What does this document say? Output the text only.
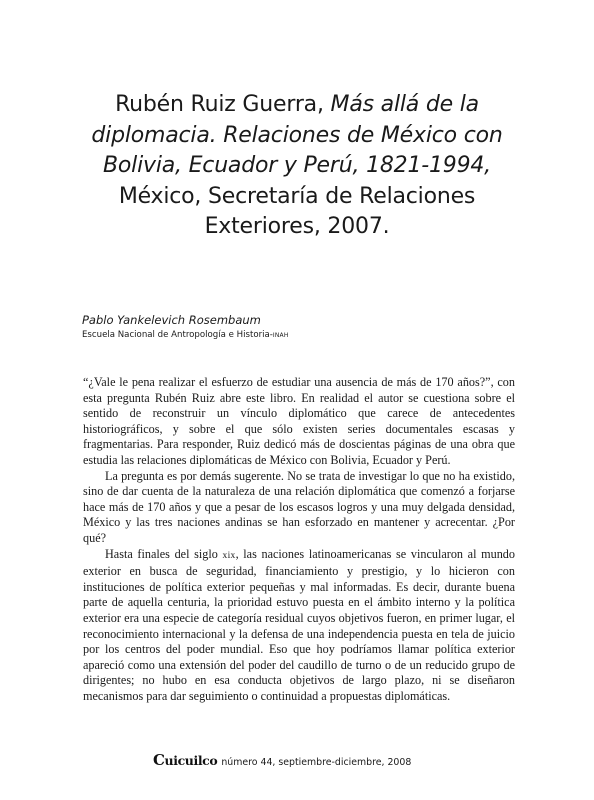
Rubén Ruiz Guerra, Más allá de la diplomacia. Relaciones de México con Bolivia, Ecuador y Perú, 1821-1994, México, Secretaría de Relaciones Exteriores, 2007.
Pablo Yankelevich Rosembaum
Escuela Nacional de Antropología e Historia-INAH

“¿Vale le pena realizar el esfuerzo de estudiar una ausencia de más de 170 años?”, con esta pregunta Rubén Ruiz abre este libro. En realidad el autor se cuestiona sobre el sentido de reconstruir un vínculo diplomático que carece de antecedentes historiográficos, y sobre el que sólo existen series documentales escasas y fragmentarias. Para responder, Ruiz dedicó más de doscientas páginas de una obra que estudia las relaciones diplomáticas de México con Bolivia, Ecuador y Perú.

La pregunta es por demás sugerente. No se trata de investigar lo que no ha existido, sino de dar cuenta de la naturaleza de una relación diplomática que comenzó a forjarse hace más de 170 años y que a pesar de los escasos logros y una muy delgada densidad, México y las tres naciones andinas se han esforzado en mantener y acrecentar. ¿Por qué?

Hasta finales del siglo xix, las naciones latinoamericanas se vincularon al mundo exterior en busca de seguridad, financiamiento y prestigio, y lo hicieron con instituciones de política exterior pequeñas y mal informadas. Es decir, durante buena parte de aquella centuria, la prioridad estuvo puesta en el ámbito interno y la política exterior era una especie de categoría residual cuyos objetivos fueron, en primer lugar, el reconocimiento internacional y la defensa de una independencia puesta en tela de juicio por los centros del poder mundial. Eso que hoy podríamos llamar política exterior apareció como una extensión del poder del caudillo de turno o de un reducido grupo de dirigentes; no hubo en esa conducta objetivos de largo plazo, ni se diseñaron mecanismos para dar seguimiento o continuidad a propuestas diplomáticas.

Cuicuilco número 44, septiembre-diciembre, 2008
